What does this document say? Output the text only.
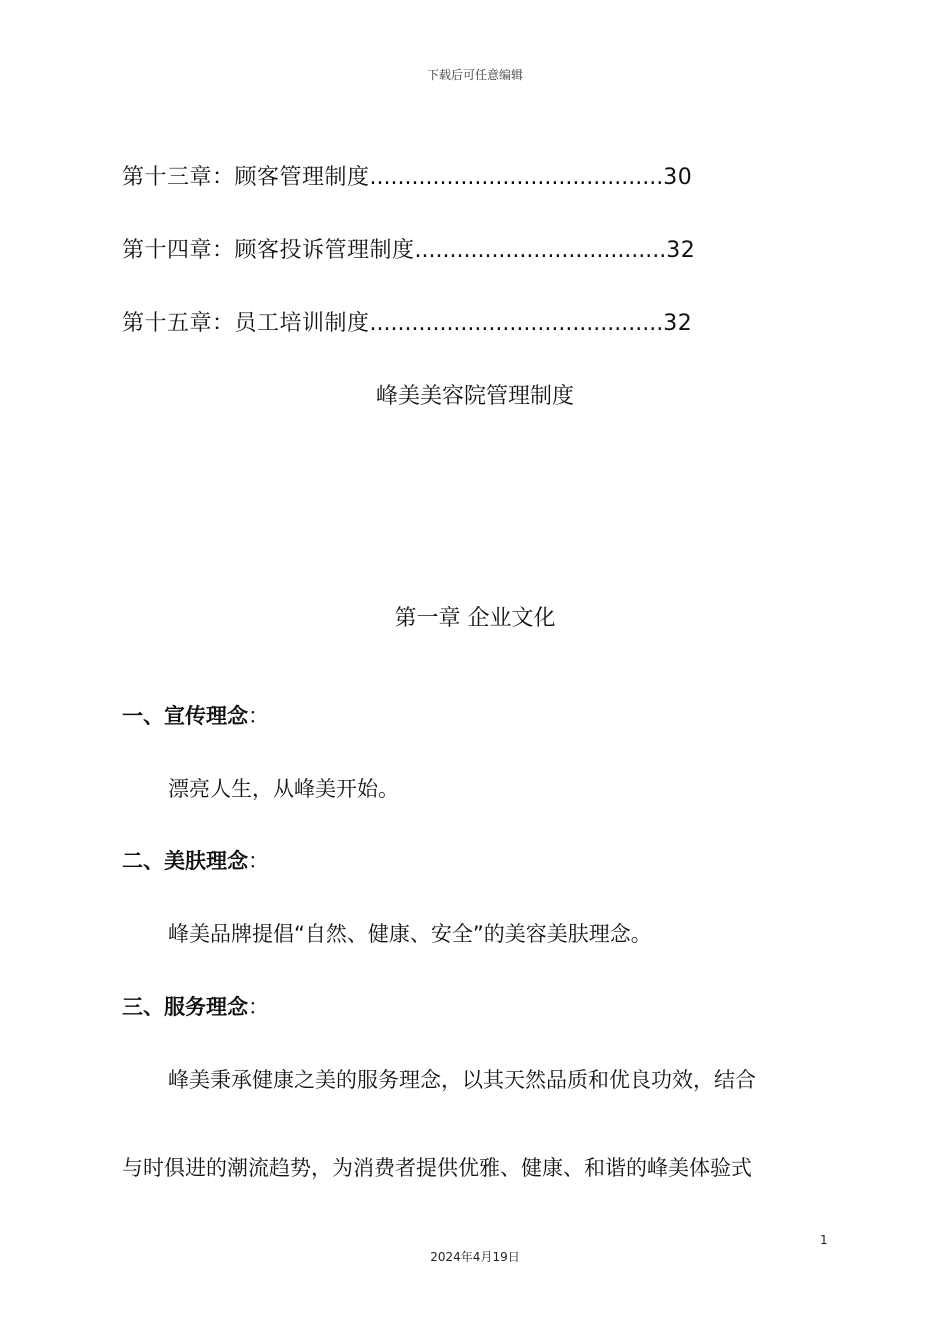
下载后可任意编辑
第十三章：顾客管理制度..........................................30
第十四章：顾客投诉管理制度....................................32
第十五章：员工培训制度..........................................32
峰美美容院管理制度
第一章 企业文化
一、宣传理念：
漂亮人生，从峰美开始。
二、美肤理念：
峰美品牌提倡“自然、健康、安全”的美容美肤理念。
三、服务理念：
峰美秉承健康之美的服务理念，以其天然品质和优良功效，结合
与时俱进的潮流趋势，为消费者提供优雅、健康、和谐的峰美体验式
1
2024年4月19日
